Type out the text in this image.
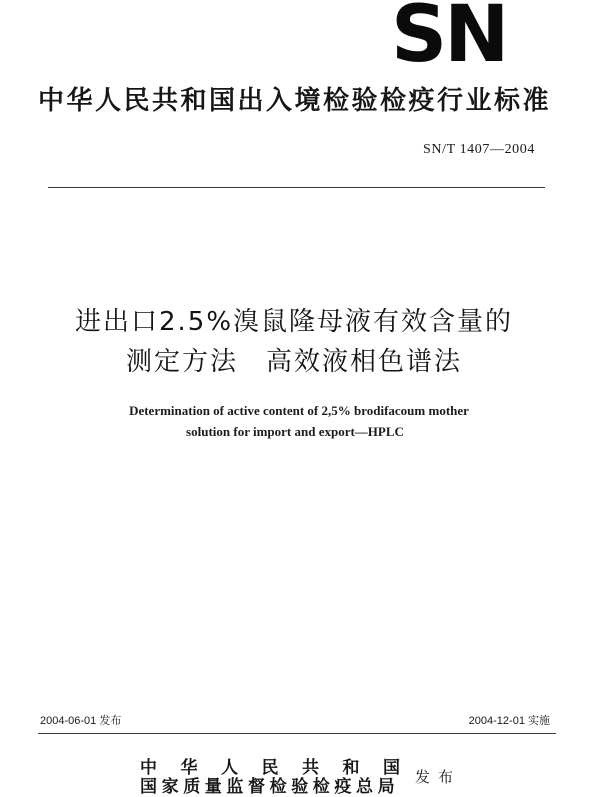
SN
中华人民共和国出入境检验检疫行业标准
SN/T 1407—2004
进出口2.5%溴鼠隆母液有效含量的
测定方法　高效液相色谱法
Determination of active content of 2,5% brodifacoum mother
solution for import and export—HPLC
2004-06-01 发布	2004-12-01 实施
中华人民共和国
国家质量监督检验检疫总局 发布
